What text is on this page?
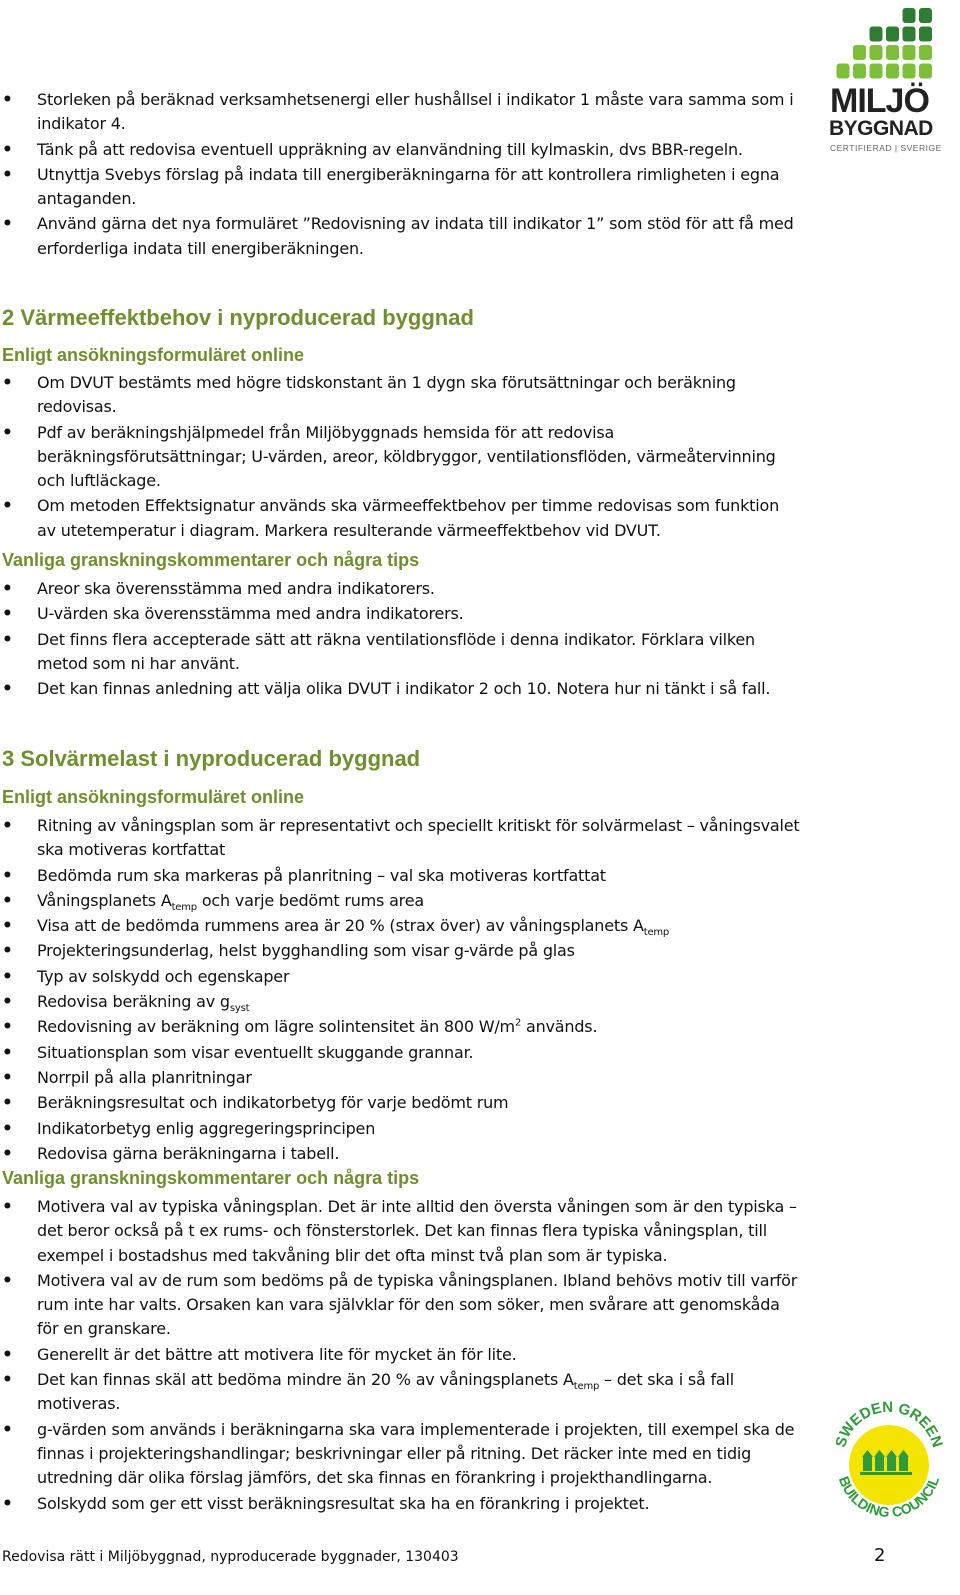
MILJÖ
BYGGNAD
CERTIFIERAD | SVERIGE
• Storleken på beräknad verksamhetsenergi eller hushållsel i indikator 1 måste vara samma som i indikator 4.
• Tänk på att redovisa eventuell uppräkning av elanvändning till kylmaskin, dvs BBR-regeln.
• Utnyttja Svebys förslag på indata till energiberäkningarna för att kontrollera rimligheten i egna antaganden.
• Använd gärna det nya formuläret ”Redovisning av indata till indikator 1” som stöd för att få med erforderliga indata till energiberäkningen.
2 Värmeeffektbehov i nyproducerad byggnad
Enligt ansökningsformuläret online
• Om DVUT bestämts med högre tidskonstant än 1 dygn ska förutsättningar och beräkning redovisas.
• Pdf av beräkningshjälpmedel från Miljöbyggnads hemsida för att redovisa beräkningsförutsättningar; U-värden, areor, köldbryggor, ventilationsflöden, värmeåtervinning och luftläckage.
• Om metoden Effektsignatur används ska värmeeffektbehov per timme redovisas som funktion av utetemperatur i diagram. Markera resulterande värmeeffektbehov vid DVUT.
Vanliga granskningskommentarer och några tips
• Areor ska överensstämma med andra indikatorers.
• U-värden ska överensstämma med andra indikatorers.
• Det finns flera accepterade sätt att räkna ventilationsflöde i denna indikator. Förklara vilken metod som ni har använt.
• Det kan finnas anledning att välja olika DVUT i indikator 2 och 10. Notera hur ni tänkt i så fall.
3 Solvärmelast i nyproducerad byggnad
Enligt ansökningsformuläret online
• Ritning av våningsplan som är representativt och speciellt kritiskt för solvärmelast – våningsvalet ska motiveras kortfattat
• Bedömda rum ska markeras på planritning – val ska motiveras kortfattat
• Våningsplanets $A_{temp}$ och varje bedömt rums area
• Visa att de bedömda rummens area är 20 % (strax över) av våningsplanets $A_{temp}$
• Projekteringsunderlag, helst bygghandling som visar g-värde på glas
• Typ av solskydd och egenskaper
• Redovisa beräkning av $g_{syst}$
• Redovisning av beräkning om lägre solintensitet än 800 $W/m^2$ används.
• Situationsplan som visar eventuellt skuggande grannar.
• Norrpil på alla planritningar
• Beräkningsresultat och indikatorbetyg för varje bedömt rum
• Indikatorbetyg enlig aggregeringsprincipen
• Redovisa gärna beräkningarna i tabell.
Vanliga granskningskommentarer och några tips
• Motivera val av typiska våningsplan. Det är inte alltid den översta våningen som är den typiska – det beror också på t ex rums- och fönsterstorlek. Det kan finnas flera typiska våningsplan, till exempel i bostadshus med takvåning blir det ofta minst två plan som är typiska.
• Motivera val av de rum som bedöms på de typiska våningsplanen. Ibland behövs motiv till varför rum inte har valts. Orsaken kan vara självklar för den som söker, men svårare att genomskåda för en granskare.
• Generellt är det bättre att motivera lite för mycket än för lite.
• Det kan finnas skäl att bedöma mindre än 20 % av våningsplanets $A_{temp}$ – det ska i så fall motiveras.
• g-värden som används i beräkningarna ska vara implementerade i projekten, till exempel ska de finnas i projekteringshandlingar; beskrivningar eller på ritning. Det räcker inte med en tidig utredning där olika förslag jämförs, det ska finnas en förankring i projekthandlingarna.
• Solskydd som ger ett visst beräkningsresultat ska ha en förankring i projektet.
SWEDEN GREEN
BUILDING COUNCIL
Redovisa rätt i Miljöbyggnad, nyproducerade byggnader, 130403	2
